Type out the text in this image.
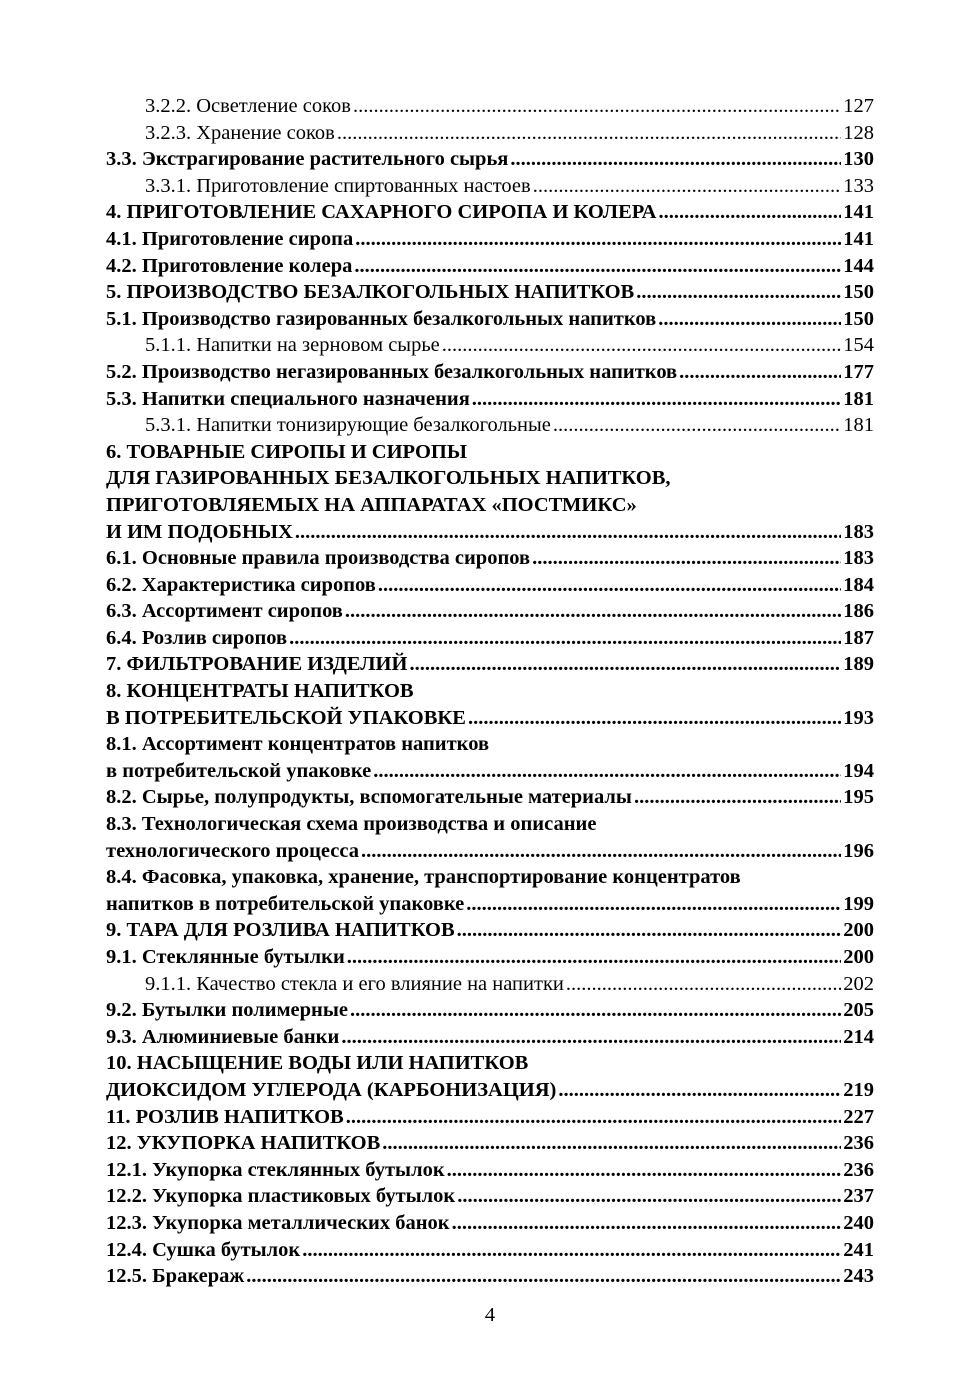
3.2.2. Осветление соков .....	127
3.2.3. Хранение соков .....	128
3.3. Экстрагирование растительного сырья .....	130
3.3.1. Приготовление спиртованных настоев .....	133
4. ПРИГОТОВЛЕНИЕ САХАРНОГО СИРОПА И КОЛЕРА .....	141
4.1. Приготовление сиропа .....	141
4.2. Приготовление колера .....	144
5. ПРОИЗВОДСТВО БЕЗАЛКОГОЛЬНЫХ НАПИТКОВ .....	150
5.1. Производство газированных безалкогольных напитков .....	150
5.1.1. Напитки на зерновом сырье .....	154
5.2. Производство негазированных безалкогольных напитков .....	177
5.3. Напитки специального назначения .....	181
5.3.1. Напитки тонизирующие безалкогольные .....	181
6. ТОВАРНЫЕ СИРОПЫ И СИРОПЫ
ДЛЯ ГАЗИРОВАННЫХ БЕЗАЛКОГОЛЬНЫХ НАПИТКОВ,
ПРИГОТОВЛЯЕМЫХ НА АППАРАТАХ «ПОСТМИКС»
И ИМ ПОДОБНЫХ .....	183
6.1. Основные правила производства сиропов .....	183
6.2. Характеристика сиропов .....	184
6.3. Ассортимент сиропов .....	186
6.4. Розлив сиропов .....	187
7. ФИЛЬТРОВАНИЕ ИЗДЕЛИЙ .....	189
8. КОНЦЕНТРАТЫ НАПИТКОВ
В ПОТРЕБИТЕЛЬСКОЙ УПАКОВКЕ .....	193
8.1. Ассортимент концентратов напитков
в потребительской упаковке .....	194
8.2. Сырье, полупродукты, вспомогательные материалы .....	195
8.3. Технологическая схема производства и описание
технологического процесса .....	196
8.4. Фасовка, упаковка, хранение, транспортирование концентратов
напитков в потребительской упаковке .....	199
9. ТАРА ДЛЯ РОЗЛИВА НАПИТКОВ .....	200
9.1. Стеклянные бутылки .....	200
9.1.1. Качество стекла и его влияние на напитки .....	202
9.2. Бутылки полимерные .....	205
9.3. Алюминиевые банки .....	214
10. НАСЫЩЕНИЕ ВОДЫ ИЛИ НАПИТКОВ
ДИОКСИДОМ УГЛЕРОДА (КАРБОНИЗАЦИЯ) .....	219
11. РОЗЛИВ НАПИТКОВ .....	227
12. УКУПОРКА НАПИТКОВ .....	236
12.1. Укупорка стеклянных бутылок .....	236
12.2. Укупорка пластиковых бутылок .....	237
12.3. Укупорка металлических банок .....	240
12.4. Сушка бутылок .....	241
12.5. Бракераж .....	243
4
